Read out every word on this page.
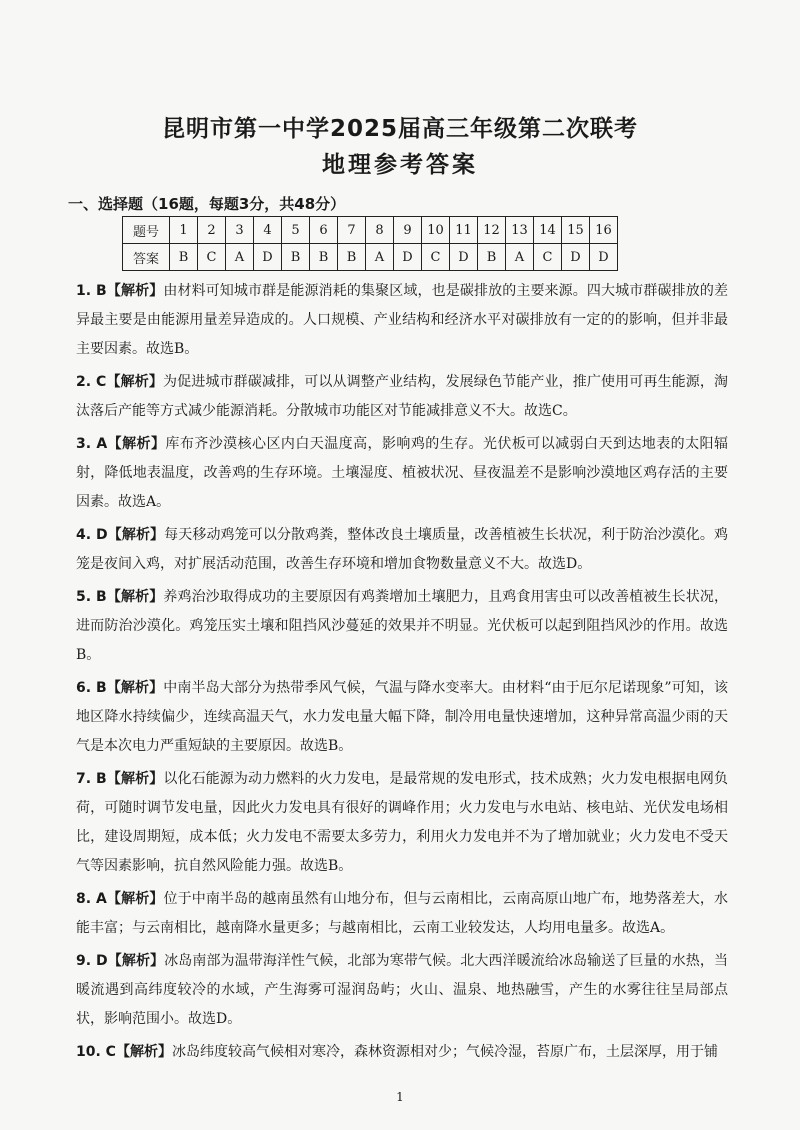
昆明市第一中学2025届高三年级第二次联考
地理参考答案
一、选择题（16题，每题3分，共48分）
题号	1	2	3	4	5	6	7	8	9	10	11	12	13	14	15	16
答案	B	C	A	D	B	B	B	A	D	C	D	B	A	C	D	D
1. B【解析】由材料可知城市群是能源消耗的集聚区域，也是碳排放的主要来源。四大城市群碳排放的差异最主要是由能源用量差异造成的。人口规模、产业结构和经济水平对碳排放有一定的的影响，但并非最主要因素。故选B。
2. C【解析】为促进城市群碳减排，可以从调整产业结构，发展绿色节能产业，推广使用可再生能源，淘汰落后产能等方式减少能源消耗。分散城市功能区对节能减排意义不大。故选C。
3. A【解析】库布齐沙漠核心区内白天温度高，影响鸡的生存。光伏板可以减弱白天到达地表的太阳辐射，降低地表温度，改善鸡的生存环境。土壤湿度、植被状况、昼夜温差不是影响沙漠地区鸡存活的主要因素。故选A。
4. D【解析】每天移动鸡笼可以分散鸡粪，整体改良土壤质量，改善植被生长状况，利于防治沙漠化。鸡笼是夜间入鸡，对扩展活动范围，改善生存环境和增加食物数量意义不大。故选D。
5. B【解析】养鸡治沙取得成功的主要原因有鸡粪增加土壤肥力，且鸡食用害虫可以改善植被生长状况，进而防治沙漠化。鸡笼压实土壤和阻挡风沙蔓延的效果并不明显。光伏板可以起到阻挡风沙的作用。故选B。
6. B【解析】中南半岛大部分为热带季风气候，气温与降水变率大。由材料“由于厄尔尼诺现象”可知，该地区降水持续偏少，连续高温天气，水力发电量大幅下降，制冷用电量快速增加，这种异常高温少雨的天气是本次电力严重短缺的主要原因。故选B。
7. B【解析】以化石能源为动力燃料的火力发电，是最常规的发电形式，技术成熟；火力发电根据电网负荷，可随时调节发电量，因此火力发电具有很好的调峰作用；火力发电与水电站、核电站、光伏发电场相比，建设周期短，成本低；火力发电不需要太多劳力，利用火力发电并不为了增加就业；火力发电不受天气等因素影响，抗自然风险能力强。故选B。
8. A【解析】位于中南半岛的越南虽然有山地分布，但与云南相比，云南高原山地广布，地势落差大，水能丰富；与云南相比，越南降水量更多；与越南相比，云南工业较发达，人均用电量多。故选A。
9. D【解析】冰岛南部为温带海洋性气候，北部为寒带气候。北大西洋暖流给冰岛输送了巨量的水热，当暖流遇到高纬度较冷的水域，产生海雾可湿润岛屿；火山、温泉、地热融雪，产生的水雾往往呈局部点状，影响范围小。故选D。
10. C【解析】冰岛纬度较高气候相对寒冷，森林资源相对少；气候冷湿，苔原广布，土层深厚，用于铺
1
